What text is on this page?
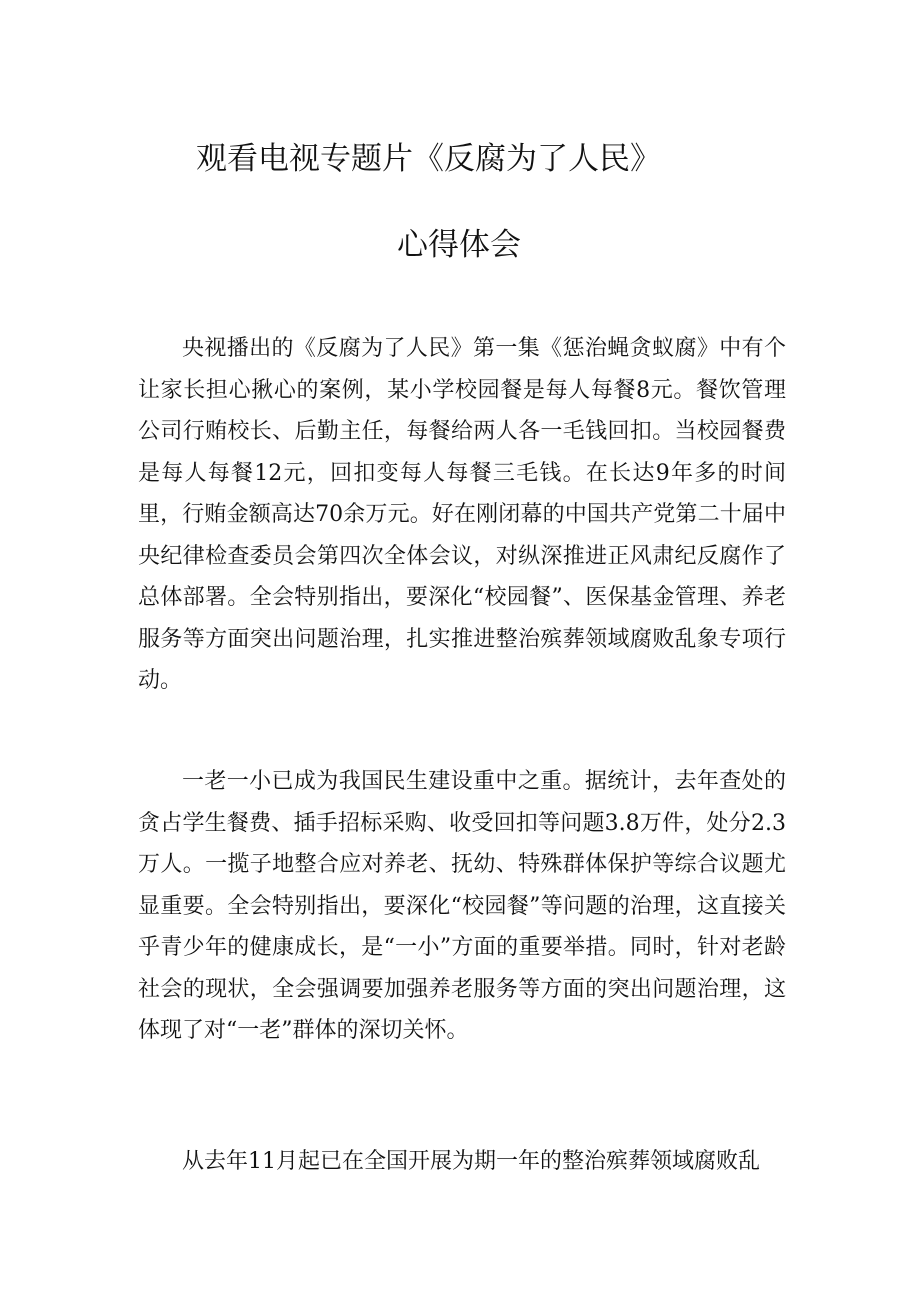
观看电视专题片《反腐为了人民》
心得体会

央视播出的《反腐为了人民》第一集《惩治蝇贪蚁腐》中有个让家长担心揪心的案例，某小学校园餐是每人每餐8元。餐饮管理公司行贿校长、后勤主任，每餐给两人各一毛钱回扣。当校园餐费是每人每餐12元，回扣变每人每餐三毛钱。在长达9年多的时间里，行贿金额高达70余万元。好在刚闭幕的中国共产党第二十届中央纪律检查委员会第四次全体会议，对纵深推进正风肃纪反腐作了总体部署。全会特别指出，要深化“校园餐”、医保基金管理、养老服务等方面突出问题治理，扎实推进整治殡葬领域腐败乱象专项行动。

一老一小已成为我国民生建设重中之重。据统计，去年查处的贪占学生餐费、插手招标采购、收受回扣等问题3.8万件，处分2.3万人。一揽子地整合应对养老、抚幼、特殊群体保护等综合议题尤显重要。全会特别指出，要深化“校园餐”等问题的治理，这直接关乎青少年的健康成长，是“一小”方面的重要举措。同时，针对老龄社会的现状，全会强调要加强养老服务等方面的突出问题治理，这体现了对“一老”群体的深切关怀。

从去年11月起已在全国开展为期一年的整治殡葬领域腐败乱
